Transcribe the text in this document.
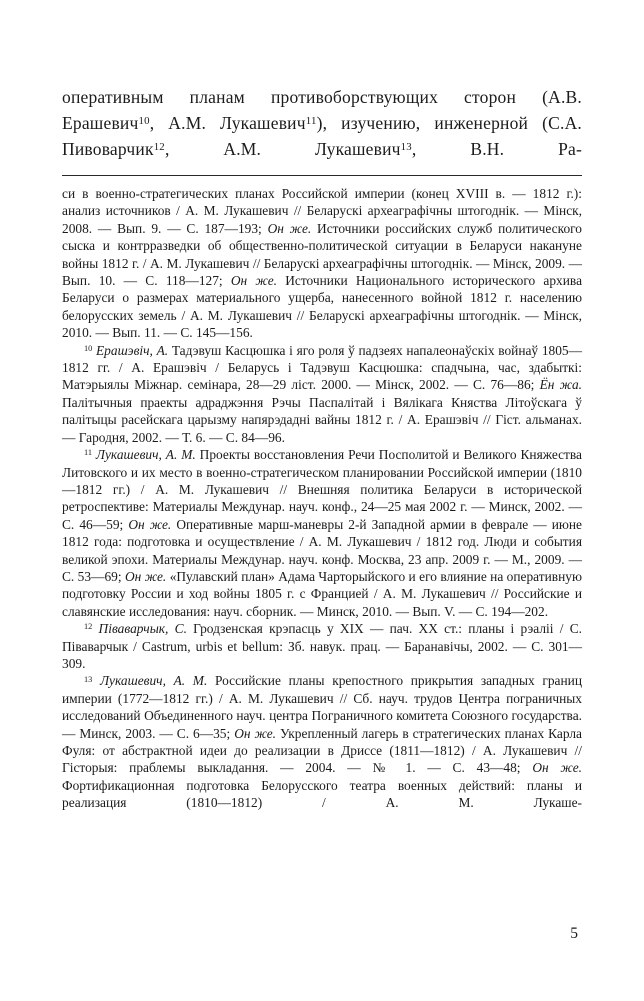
оперативным планам противоборствующих сторон (А.В. Ерашевич$^{10}$, А.М. Лукашевич$^{11}$), изучению, инженерной (С.А. Пивоварчик$^{12}$, А.М. Лукашевич$^{13}$, В.Н. Ра-

си в военно-стратегических планах Российской империи (конец XVIII в. — 1812 г.): анализ источников / А. М. Лукашевич // Беларускі археаграфічны штогоднік. — Мінск, 2008. — Вып. 9. — С. 187—193; Он же. Источники российских служб политического сыска и контрразведки об общественно-политической ситуации в Беларуси накануне войны 1812 г. / А. М. Лукашевич // Беларускі археаграфічны штогоднік. — Мінск, 2009. — Вып. 10. — С. 118—127; Он же. Источники Национального исторического архива Беларуси о размерах материального ущерба, нанесенного войной 1812 г. населению белорусских земель / А. М. Лукашевич // Беларускі археаграфічны штогоднік. — Мінск, 2010. — Вып. 11. — С. 145—156.

$^{10}$ Ерашэвіч, А. Тадэвуш Касцюшка і яго роля ў падзеях напалеонаўскіх войнаў 1805—1812 гг. / А. Ерашэвіч / Беларусь і Тадэвуш Касцюшка: спадчына, час, здабыткі: Матэрыялы Міжнар. семінара, 28—29 ліст. 2000. — Мінск, 2002. — С. 76—86; Ён жа. Палітычныя праекты адраджэння Рэчы Паспалітай і Вялікага Княства Літоўскага ў палітыцы расейскага царызму напярэдадні вайны 1812 г. / А. Ерашэвіч // Гіст. альманах. — Гародня, 2002. — Т. 6. — С. 84—96.

$^{11}$ Лукашевич, А. М. Проекты восстановления Речи Посполитой и Великого Княжества Литовского и их место в военно-стратегическом планировании Российской империи (1810—1812 гг.) / А. М. Лукашевич // Внешняя политика Беларуси в исторической ретроспективе: Материалы Междунар. науч. конф., 24—25 мая 2002 г. — Минск, 2002. — С. 46—59; Он же. Оперативные марш-маневры 2-й Западной армии в феврале — июне 1812 года: подготовка и осуществление / А. М. Лукашевич / 1812 год. Люди и события великой эпохи. Материалы Междунар. науч. конф. Москва, 23 апр. 2009 г. — М., 2009. — С. 53—69; Он же. «Пулавский план» Адама Чарторыйского и его влияние на оперативную подготовку России и ход войны 1805 г. с Францией / А. М. Лукашевич // Российские и славянские исследования: науч. сборник. — Минск, 2010. — Вып. V. — С. 194—202.

$^{12}$ Піваварчык, С. Гродзенская крэпасць у XIX — пач. XX ст.: планы і рэаліі / С. Піваварчык / Castrum, urbis et bellum: Зб. навук. прац. — Баранавічы, 2002. — С. 301—309.

$^{13}$ Лукашевич, А. М. Российские планы крепостного прикрытия западных границ империи (1772—1812 гг.) / А. М. Лукашевич // Сб. науч. трудов Центра пограничных исследований Объединенного науч. центра Пограничного комитета Союзного государства. — Минск, 2003. — С. 6—35; Он же. Укрепленный лагерь в стратегических планах Карла Фуля: от абстрактной идеи до реализации в Дриссе (1811—1812) / А. Лукашевич // Гісторыя: праблемы выкладання. — 2004. — № 1. — С. 43—48; Он же. Фортификационная подготовка Белорусского театра военных действий: планы и реализация (1810—1812) / А. М. Лукаше-

5
